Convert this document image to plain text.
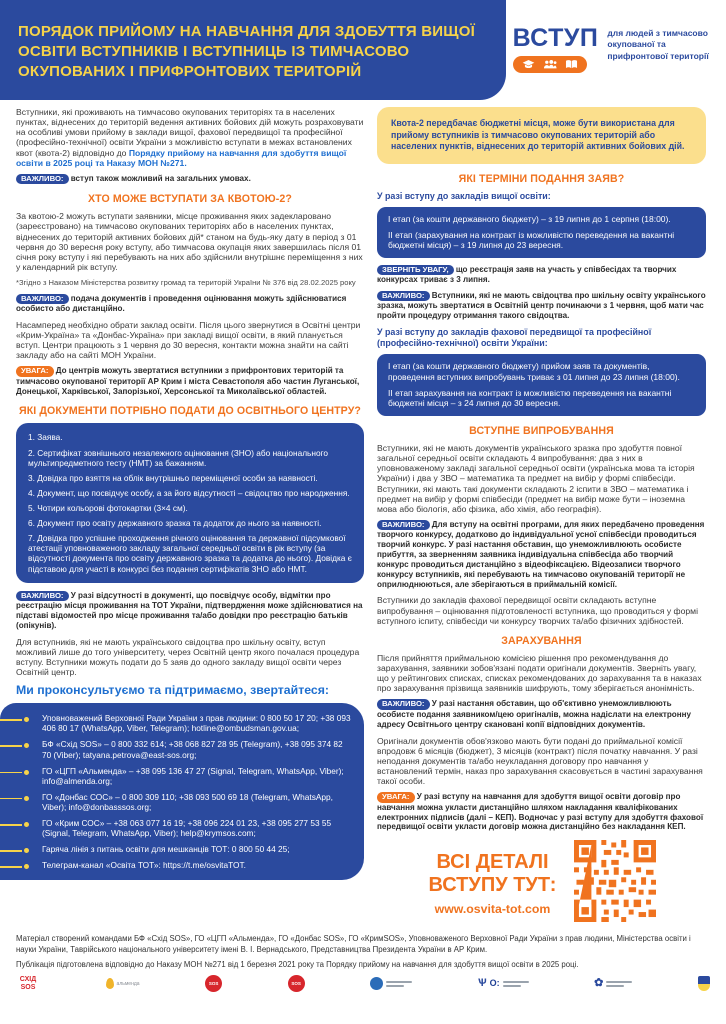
ПОРЯДОК ПРИЙОМУ НА НАВЧАННЯ ДЛЯ ЗДОБУТТЯ ВИЩОЇ ОСВІТИ ВСТУПНИКІВ І ВСТУПНИЦЬ ІЗ ТИМЧАСОВО ОКУПОВАНИХ І ПРИФРОНТОВИХ ТЕРИТОРІЙ
ВСТУП для людей з тимчасово окупованої та прифронтової території

Вступники, які проживають на тимчасово окупованих територіях та в населених пунктах, віднесених до територій ведення активних бойових дій можуть розраховувати на особливі умови прийому в заклади вищої, фахової передвищої та професійної (професійно-технічної) освіти України з можливістю вступати в межах встановлених квот (квота-2) відповідно до Порядку прийому на навчання для здобуття вищої освіти в 2025 році та Наказу МОН №271.

ВАЖЛИВО: вступ також можливий на загальних умовах.

ХТО МОЖЕ ВСТУПАТИ ЗА КВОТОЮ-2?

За квотою-2 можуть вступати заявники, місце проживання яких задекларовано (зареєстровано) на тимчасово окупованих територіях або в населених пунктах, віднесених до територій активних бойових дій* станом на будь-яку дату в період з 01 червня до 30 вересня року вступу, або тимчасова окупація яких завершилась після 01 січня року вступу і які перебувають на них або здійснили внутрішнє переміщення з них у календарний рік вступу.

*Згідно з Наказом Міністерства розвитку громад та територій України № 376 від 28.02.2025 року

ВАЖЛИВО: подача документів і проведення оцінювання можуть здійснюватися особисто або дистанційно.

Насамперед необхідно обрати заклад освіти. Після цього звернутися в Освітні центри «Крим-Україна» та «Донбас-Україна» при закладі вищої освіти, в який планується вступ. Центри працюють з 1 червня до 30 вересня, контакти можна знайти на сайті закладу або на сайті МОН України.

УВАГА: До центрів можуть звертатися вступники з прифронтових територій та тимчасово окупованої території АР Крим і міста Севастополя або частин Луганської, Донецької, Харківської, Запорізької, Херсонської та Миколаївської областей.

ЯКІ ДОКУМЕНТИ ПОТРІБНО ПОДАТИ ДО ОСВІТНЬОГО ЦЕНТРУ?

1. Заява.

2. Сертифікат зовнішнього незалежного оцінювання (ЗНО) або національного мультипредметного тесту (НМТ) за бажанням.

3. Довідка про взяття на облік внутрішньо переміщеної особи за наявності.

4. Документ, що посвідчує особу, а за його відсутності – свідоцтво про народження.

5. Чотири кольорові фотокартки (3×4 см).

6. Документ про освіту державного зразка та додаток до нього за наявності.

7. Довідка про успішне проходження річного оцінювання та державної підсумкової атестації уповноваженого закладу загальної середньої освіти в рік вступу (за відсутності документа про освіту державного зразка та додатка до нього). Довідка є підставою для участі в конкурсі без подання сертифікатів ЗНО або НМТ.

ВАЖЛИВО: У разі відсутності в документі, що посвідчує особу, відмітки про реєстрацію місця проживання на ТОТ України, підтвердження може здійснюватися на підставі відомостей про місце проживання та/або довідки про реєстрацію батьків (опікунів).

Для вступників, які не мають українського свідоцтва про шкільну освіту, вступ можливий лише до того університету, через Освітній центр якого почалася процедура вступу. Вступники можуть подати до 5 заяв до одного закладу вищої освіти через Освітній центр.

Ми проконсультуємо та підтримаємо, звертайтеся:

Уповноважений Верховної Ради України з прав людини: 0 800 50 17 20; +38 093 406 80 17 (WhatsApp, Viber, Telegram); hotline@ombudsman.gov.ua;

БФ «Схід SOS» – 0 800 332 614; +38 068 827 28 95 (Telegram), +38 095 374 82 70 (Viber); tatyana.petrova@east-sos.org;

ГО «ЦГП «Альменда» – +38 095 136 47 27 (Signal, Telegram, WhatsApp, Viber); info@almenda.org;

ГО «Донбас СОС» – 0 800 309 110; +38 093 500 69 18 (Telegram, WhatsApp, Viber); info@donbasssos.org;

ГО «Крим СОС» – +38 063 077 16 19; +38 096 224 01 23, +38 095 277 53 55 (Signal, Telegram, WhatsApp, Viber); help@krymsos.com;

Гаряча лінія з питань освіти для мешканців ТОТ: 0 800 50 44 25;

Телеграм-канал «Освіта ТОТ»: https://t.me/osvitaTOT.

Квота-2 передбачає бюджетні місця, може бути використана для прийому вступників із тимчасово окупованих територій або населених пунктів, віднесених до територій активних бойових дій.

ЯКІ ТЕРМІНИ ПОДАННЯ ЗАЯВ?

У разі вступу до закладів вищої освіти:

І етап (за кошти державного бюджету) – з 19 липня до 1 серпня (18:00).

ІІ етап (зарахування на контракт із можливістю переведення на вакантні бюджетні місця) – з 19 липня до 23 вересня.

ЗВЕРНІТЬ УВАГУ, що реєстрація заяв на участь у співбесідах та творчих конкурсах триває з 3 липня.

ВАЖЛИВО: Вступники, які не мають свідоцтва про шкільну освіту українського зразка, можуть звертатися в Освітній центр починаючи з 1 червня, щоб мати час пройти процедуру отримання такого свідоцтва.

У разі вступу до закладів фахової передвищої та професійної (професійно-технічної) освіти України:

І етап (за кошти державного бюджету) прийом заяв та документів, проведення вступних випробувань триває з 01 липня до 23 липня (18:00).

ІІ етап зарахування на контракт із можливістю переведення на вакантні бюджетні місця – з 24 липня до 30 вересня.

ВСТУПНЕ ВИПРОБУВАННЯ

Вступники, які не мають документів українського зразка про здобуття повної загальної середньої освіти складають 4 випробування: два з них в уповноваженому закладі загальної середньої освіти (українська мова та історія України) і два у ЗВО – математика та предмет на вибір у формі співбесіди. Вступники, які мають такі документи складають 2 іспити в ЗВО – математика і предмет на вибір у формі співбесіди (предмет на вибір може бути – іноземна мова або біологія, або фізика, або хімія, або географія).

ВАЖЛИВО: Для вступу на освітні програми, для яких передбачено проведення творчого конкурсу, додатково до індивідуальної усної співбесіди проводиться творчий конкурс. У разі настання обставин, що унеможливлюють особисте прибуття, за зверненням заявника індивідуальна співбесіда або творчий конкурс проводиться дистанційно з відеофіксацією. Відеозаписи творчого конкурсу вступників, які перебувають на тимчасово окупованій території не оприлюднюються, але зберігаються в приймальній комісії.

Вступники до закладів фахової передвищої освіти складають вступне випробування – оцінювання підготовленості вступника, що проводиться у формі вступного іспиту, співбесіди чи конкурсу творчих та/або фізичних здібностей.

ЗАРАХУВАННЯ

Після прийняття приймальною комісією рішення про рекомендування до зарахування, заявники зобов'язані подати оригінали документів. Зверніть увагу, що у рейтингових списках, списках рекомендованих до зарахування та в наказах про зарахування прізвища заявників шифрують, тому зберігається анонімність.

ВАЖЛИВО: У разі настання обставин, що об'єктивно унеможливлюють особисте подання заявником/цею оригіналів, можна надіслати на електронну адресу Освітнього центру скановані копії відповідних документів.

Оригінали документів обов'язково мають бути подані до приймальної комісії впродовж 6 місяців (бюджет), 3 місяців (контракт) після початку навчання. У разі неподання документів та/або неукладання договору про навчання у встановлений термін, наказ про зарахування скасовується в частині зарахування такої особи.

УВАГА: У разі вступу на навчання для здобуття вищої освіти договір про навчання можна укласти дистанційно шляхом накладання кваліфікованих електронних підписів (далі – КЕП). Водночас у разі вступу для здобуття фахової передвищої освіти укласти договір можна дистанційно без накладання КЕП.

ВСІ ДЕТАЛІ ВСТУПУ ТУТ:

www.osvita-tot.com

Матеріал створений командами БФ «Схід SOS», ГО «ЦГП «Альменда», ГО «Донбас SOS», ГО «КримSOS», Уповноваженого Верховної Ради України з прав людини, Міністерства освіти і науки України, Таврійського національного університету імені В. І. Вернадського, Представництва Президента України в АР Крим.

Публікація підготовлена відповідно до Наказу МОН №271 від 1 березня 2021 року та Порядку прийому на навчання для здобуття вищої освіти в 2025 році.

СХІД SOS	альменда	SOS	SOS	Ѱ О:	✿
